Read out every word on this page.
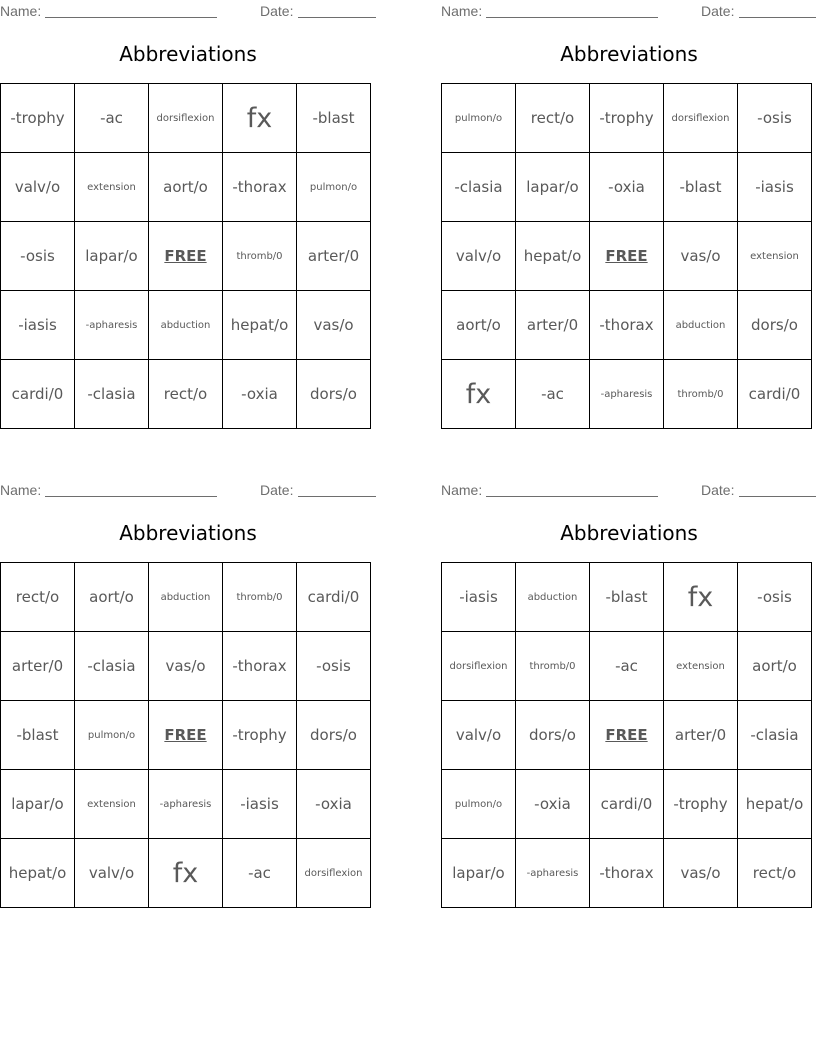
Name:	Date:
Abbreviations
-trophy	-ac	dorsiflexion	fx	-blast
valv/o	extension	aort/o	-thorax	pulmon/o
-osis	lapar/o	FREE	thromb/0	arter/0
-iasis	-apharesis	abduction	hepat/o	vas/o
cardi/0	-clasia	rect/o	-oxia	dors/o
Name:	Date:
Abbreviations
pulmon/o	rect/o	-trophy	dorsiflexion	-osis
-clasia	lapar/o	-oxia	-blast	-iasis
valv/o	hepat/o	FREE	vas/o	extension
aort/o	arter/0	-thorax	abduction	dors/o
fx	-ac	-apharesis	thromb/0	cardi/0
Name:	Date:
Abbreviations
rect/o	aort/o	abduction	thromb/0	cardi/0
arter/0	-clasia	vas/o	-thorax	-osis
-blast	pulmon/o	FREE	-trophy	dors/o
lapar/o	extension	-apharesis	-iasis	-oxia
hepat/o	valv/o	fx	-ac	dorsiflexion
Name:	Date:
Abbreviations
-iasis	abduction	-blast	fx	-osis
dorsiflexion	thromb/0	-ac	extension	aort/o
valv/o	dors/o	FREE	arter/0	-clasia
pulmon/o	-oxia	cardi/0	-trophy	hepat/o
lapar/o	-apharesis	-thorax	vas/o	rect/o
